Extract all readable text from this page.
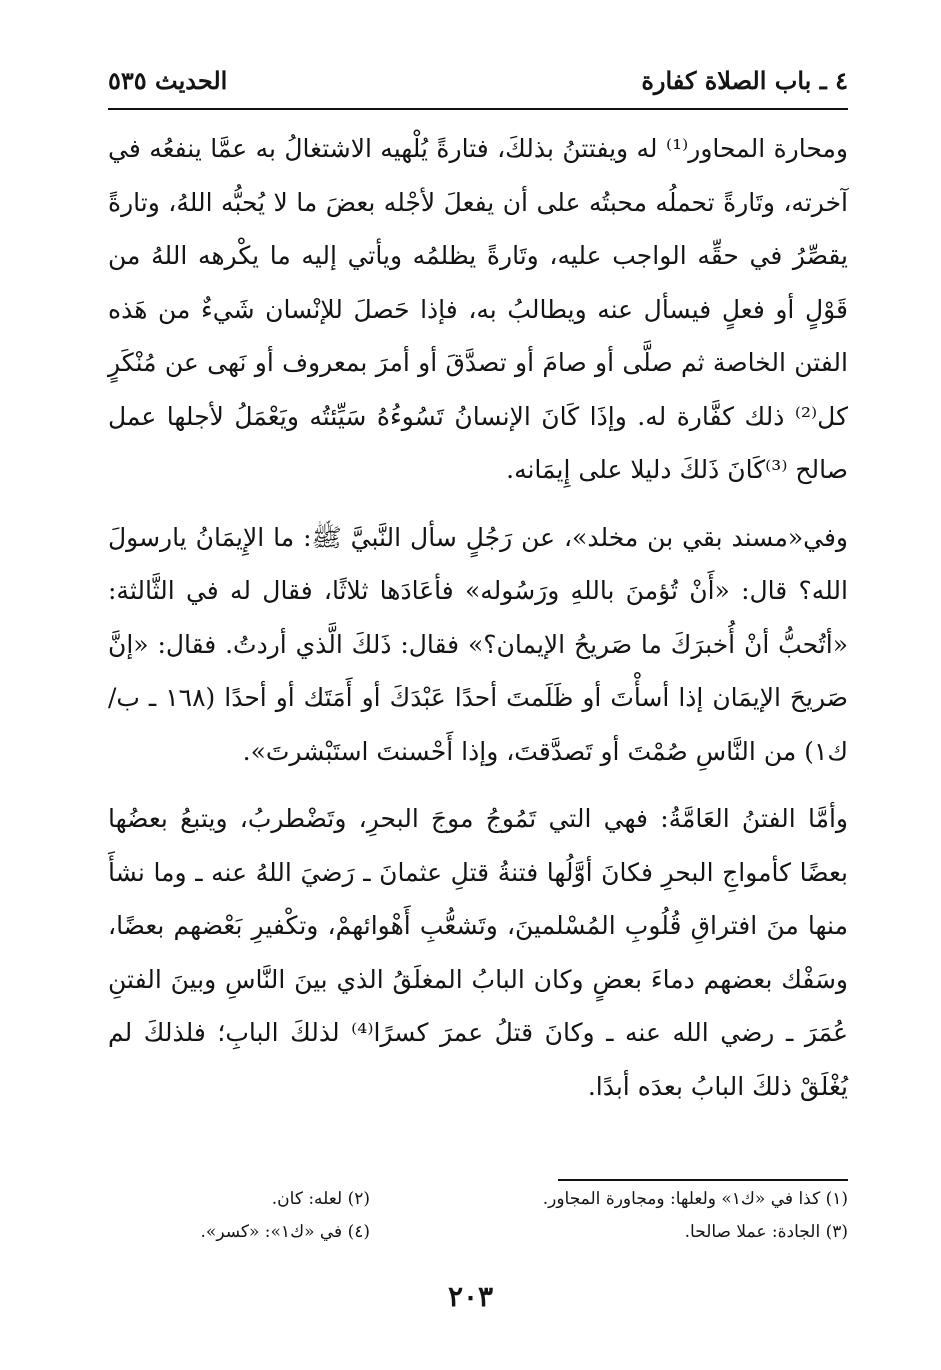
٤ ـ باب الصلاة كفارة
الحديث ٥٣٥

ومحارة المحاور⁽¹⁾ له ويفتتنُ بذلكَ، فتارةً يُلْهيه الاشتغالُ به عمَّا ينفعُه في آخرته، وتَارةً تحملُه محبتُه على أن يفعلَ لأجْله بعضَ ما لا يُحبُّه اللهُ، وتارةً يقصِّرُ في حقِّه الواجب عليه، وتَارةً يظلمُه ويأتي إليه ما يكْرهه اللهُ من قَوْلٍ أو فعلٍ فيسأل عنه ويطالبُ به، فإذا حَصلَ للإنْسان شَيءٌ من هَذه الفتن الخاصة ثم صلَّى أو صامَ أو تصدَّقَ أو أمرَ بمعروف أو نَهى عن مُنْكَرٍ كل⁽²⁾ ذلك كفَّارة له. وإذَا كَانَ الإنسانُ تَسُوءُهُ سَيِّئتُه ويَعْمَلُ لأجلها عمل صالح ⁽³⁾كَانَ ذَلكَ دليلا على إِيمَانه.

وفي«مسند بقي بن مخلد»، عن رَجُلٍ سأل النَّبيَّ ﷺ: ما الإِيمَانُ يارسولَ الله؟ قال: «أَنْ تُؤمنَ باللهِ ورَسُوله» فأعَادَها ثلاثًا، فقال له في الثَّالثة: «أتُحبُّ أنْ أُخبرَكَ ما صَريحُ الإيمان؟» فقال: ذَلكَ الَّذي أردتُ. فقال: «إنَّ صَريحَ الإيمَان إذا أسأْتَ أو ظَلَمتَ أحدًا عَبْدَكَ أو أَمَتَك أو أحدًا (١٦٨ ـ ب/ك١) من النَّاسِ صُمْتَ أو تَصدَّقتَ، وإذا أَحْسنتَ استَبْشرتَ».

وأمَّا الفتنُ العَامَّةُ: فهي التي تَمُوجُ موجَ البحرِ، وتَضْطربُ، ويتبعُ بعضُها بعضًا كأمواجِ البحرِ فكانَ أوَّلُها فتنةُ قتلِ عثمانَ ـ رَضيَ اللهُ عنه ـ وما نشأَ منها منَ افتراقِ قُلُوبِ المُسْلمينَ، وتَشعُّبِ أَهْوائهمْ، وتكْفيرِ بَعْضهم بعضًا، وسَفْك بعضهم دماءَ بعضٍ وكان البابُ المغلَقُ الذي بينَ النَّاسِ وبينَ الفتنِ عُمَرَ ـ رضي الله عنه ـ وكانَ قتلُ عمرَ كسرًا⁽⁴⁾ لذلكَ البابِ؛ فلذلكَ لم يُغْلَقْ ذلكَ البابُ بعدَه أبدًا.

(١) كذا في «ك١» ولعلها: ومجاورة المجاور.
(٢) لعله: كان.
(٣) الجادة: عملا صالحا.
(٤) في «ك١»: «كسر».
٢٠٣
